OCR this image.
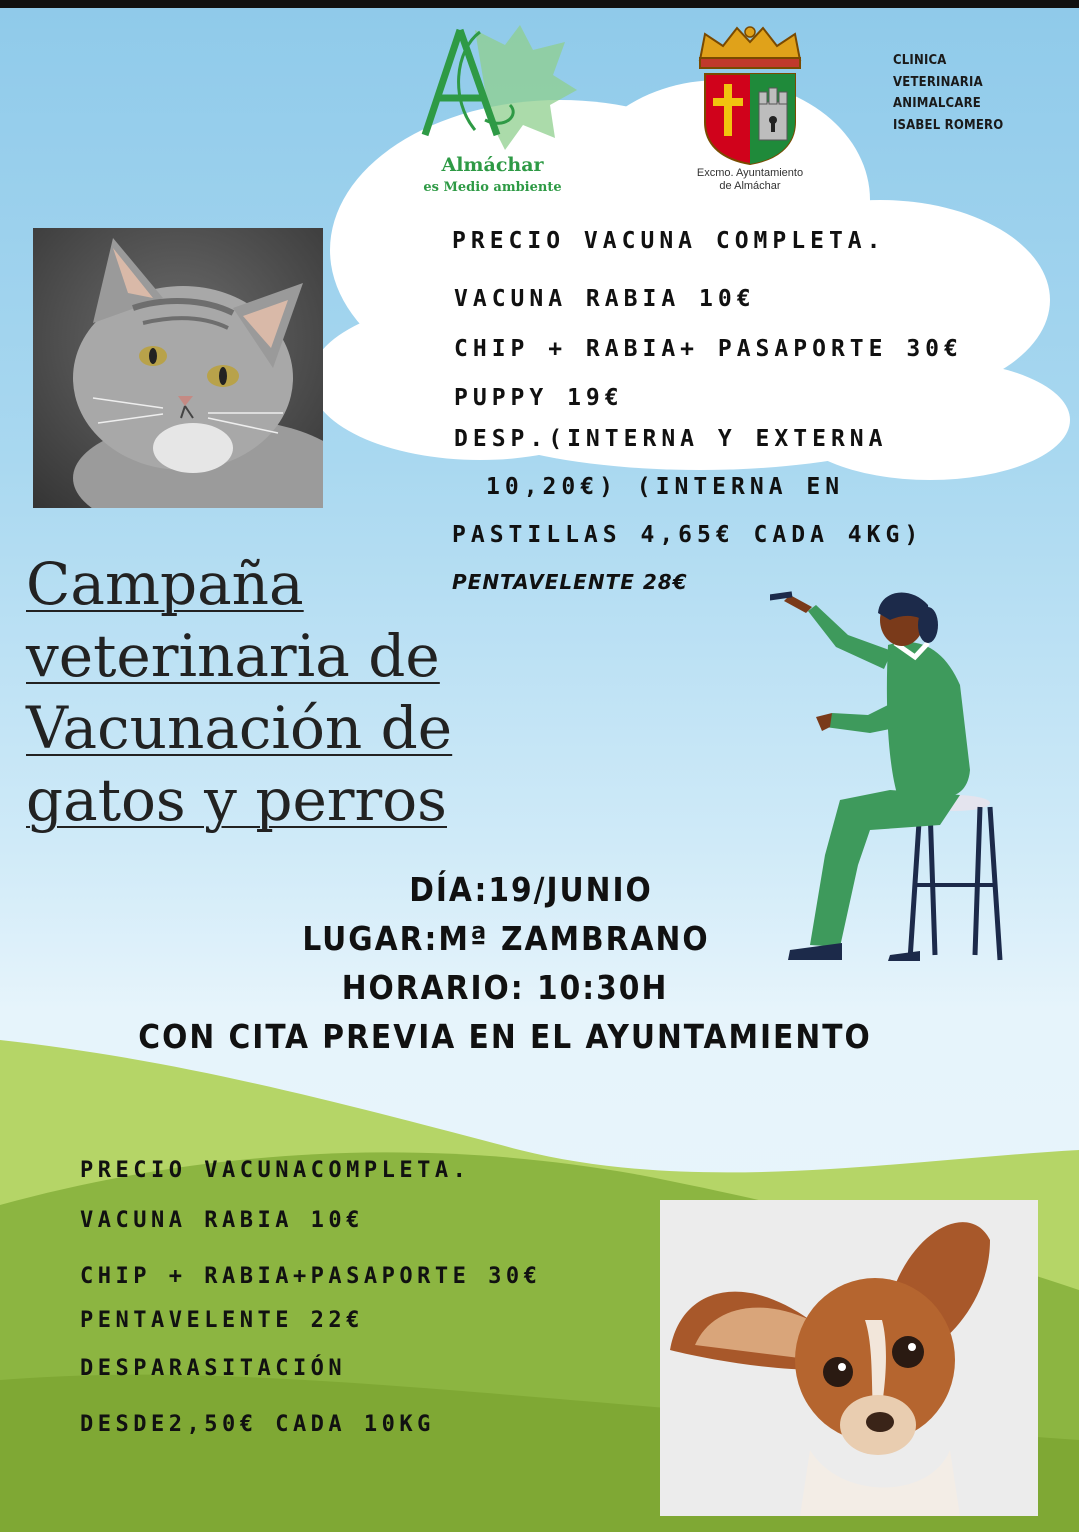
Almáchar
es Medio ambiente
Excmo. Ayuntamiento
de Almáchar
CLINICA
VETERINARIA
ANIMALCARE
ISABEL ROMERO
PRECIO VACUNA COMPLETA.
VACUNA RABIA 10€
CHIP + RABIA+ PASAPORTE 30€
PUPPY 19€
DESP.(INTERNA Y EXTERNA
10,20€) (INTERNA EN
PASTILLAS 4,65€ CADA 4KG)
PENTAVELENTE 28€
Campaña
veterinaria de
Vacunación de
gatos y perros
DÍA:19/JUNIO
LUGAR:Mª ZAMBRANO
HORARIO: 10:30H
CON CITA PREVIA EN EL AYUNTAMIENTO
PRECIO VACUNACOMPLETA.
VACUNA RABIA 10€
CHIP + RABIA+PASAPORTE 30€
PENTAVELENTE 22€
DESPARASITACIÓN
DESDE2,50€ CADA 10KG
